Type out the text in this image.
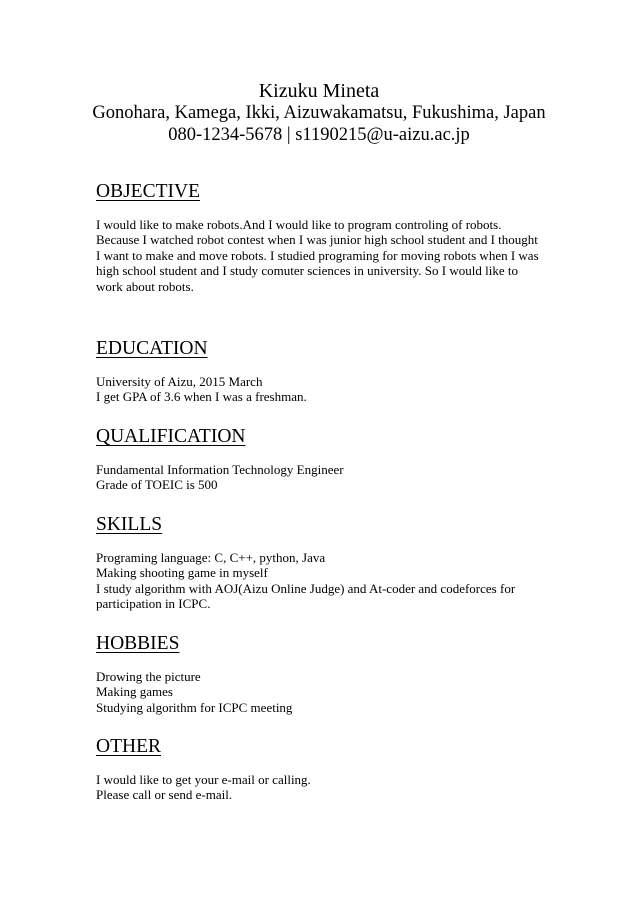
Kizuku Mineta

Gonohara, Kamega, Ikki, Aizuwakamatsu, Fukushima, Japan

080-1234-5678 | s1190215@u-aizu.ac.jp

OBJECTIVE

I would like to make robots.And I would like to program controling of robots.

Because I watched robot contest when I was junior high school student and I thought

I want to make and move robots. I studied programing for moving robots when I was

high school student and I study comuter sciences in university. So I would like to

work about robots.

EDUCATION

University of Aizu, 2015 March

I get GPA of 3.6 when I was a freshman.

QUALIFICATION

Fundamental Information Technology Engineer

Grade of TOEIC is 500

SKILLS

Programing language: C, C++, python, Java

Making shooting game in myself

I study algorithm with AOJ(Aizu Online Judge) and At-coder and codeforces for

participation in ICPC.

HOBBIES

Drowing the picture

Making games

Studying algorithm for ICPC meeting

OTHER

I would like to get your e-mail or calling.

Please call or send e-mail.
